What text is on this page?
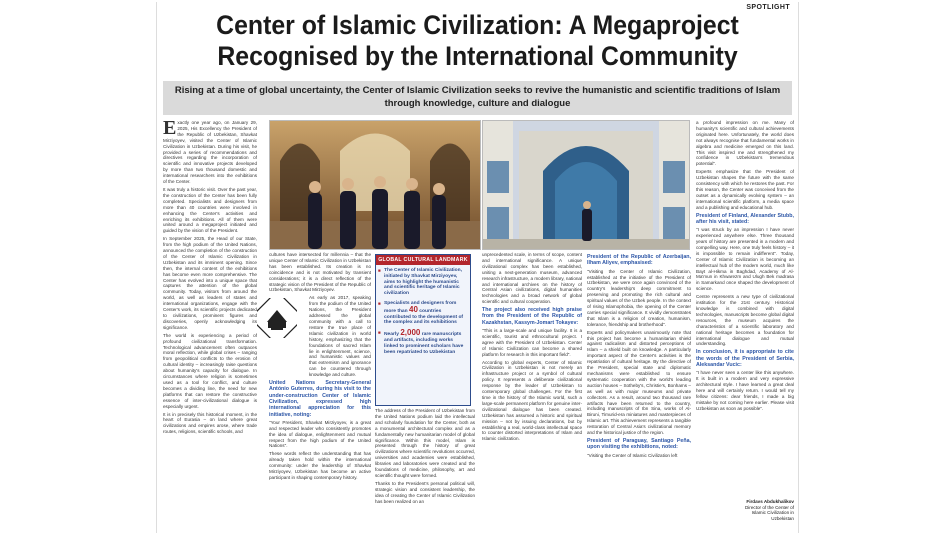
SPOTLIGHT
Center of Islamic Civilization: A Megaproject
Recognised by the International Community
Rising at a time of global uncertainty, the Center of Islamic Civilization seeks to revive the humanistic and scientific traditions of Islam through knowledge, culture and dialogue

Exactly one year ago, on January 29, 2025, His Excellency the President of the Republic of Uzbekistan, Shavkat Mirziyoyev, visited the Center of Islamic Civilization in Uzbekistan. During his visit, he provided a series of recommendations and directives regarding the incorporation of scientific and innovative projects developed by more than two thousand domestic and international researchers into the exhibitions of the Center.

It was truly a historic visit. Over the past year, the construction of the Center has been fully completed. Specialists and designers from more than 40 countries were involved in enhancing the Center's activities and enriching its exhibitions. All of them were united around a megaproject initiated and guided by the vision of the President.

In September 2025, the Head of our State, from the high podium of the United Nations, announced the completion of the construction of the Center of Islamic Civilization in Uzbekistan and its imminent opening. Since then, the internal content of the exhibitions has become even more comprehensive. The Center has evolved into a unique space that captures the attention of the global community. Today, visitors from around the world, as well as leaders of states and international organizations, engage with the Center's work, its scientific projects dedicated to civilizations, prominent figures and discoveries, openly acknowledging its significance.

The world is experiencing a period of profound civilizational transformation. Technological advancement often outpaces moral reflection, while global crises – ranging from geopolitical conflicts to the erosion of cultural identity – increasingly raise questions about humanity's capacity for dialogue. In circumstances where religion is sometimes used as a tool for conflict, and culture becomes a dividing line, the need for new platforms that can restore the constructive essence of inter-civilizational dialogue is especially urgent.

It is in precisely this historical moment, in the heart of Eurasia – on land where great civilizations and empires arose, where trade routes, religions, scientific schools, and

cultures have intersected for millennia – that the unique Center of Islamic Civilization in Uzbekistan has been established. Its creation is no coincidence and is not motivated by transient considerations; it is a direct reflection of the strategic vision of the President of the Republic of Uzbekistan, Shavkat Mirziyoyev.

As early as 2017, speaking from the podium of the United Nations, the President addressed the global community with a call to restore the true place of Islamic civilization in world history, emphasizing that the foundations of sacred Islam lie in enlightenment, science, and humanistic values and that extremism and ignorance can be countered through knowledge and culture.

United Nations Secretary-General António Guterres, during his visit to the under-construction Center of Islamic Civilization, expressed high international appreciation for this initiative, noting:

"Your President, Shavkat Mirziyoyev, is a great and respected leader who consistently promotes the idea of dialogue, enlightenment and mutual respect from the high podium of the United Nations".

These words reflect the understanding that has already taken hold within the international community: under the leadership of Shavkat Mirziyoyev, Uzbekistan has become an active participant in shaping contemporary history.

GLOBAL CULTURAL LANDMARK
■ The Center of Islamic Civilization, initiated by Shavkat Mirziyoyev, aims to highlight the humanistic and scientific heritage of Islamic civilization
■ Specialists and designers from more than 40 countries contributed to the development of the complex and its exhibitions
■ Nearly 2,000 rare manuscripts and artifacts, including works linked to prominent scholars have been repatriated to Uzbekistan

The address of the President of Uzbekistan from the United Nations podium laid the intellectual and scholarly foundation for the Center, both as a monumental architectural complex and as a fundamentally new humanitarian model of global significance. Within this model, Islam is presented through the history of great civilizations where scientific revolutions occurred, universities and academies were established, libraries and laboratories were created and the foundations of medicine, philosophy, art and scientific thought were formed.

Thanks to the President's personal political will, strategic vision and consistent leadership, the idea of creating the Center of Islamic Civilization has been realized on an

unprecedented scale, in terms of scope, content and international significance. A unique civilizational complex has been established, uniting a next-generation museum, advanced research infrastructure, a modern library, national and international archives on the history of Central Asian civilizations, digital humanities technologies and a broad network of global scientific and cultural cooperation.

The project also received high praise from the President of the Republic of Kazakhstan, Kassym-Jomart Tokayev:

"This is a large-scale and unique facility. It is a scientific, tourist and ethnocultural project. I agree with the President of Uzbekistan. Center of Islamic Civilization can become a shared platform for research in this important field".

According to global experts, Center of Islamic Civilization in Uzbekistan is not merely an infrastructure project or a symbol of cultural policy. It represents a deliberate civilizational response by the leader of Uzbekistan to contemporary global challenges. For the first time in the history of the Islamic world, such a large-scale permanent platform for genuine inter-civilizational dialogue has been created. Uzbekistan has assumed a historic and spiritual mission – not by issuing declarations, but by establishing a real, world-class intellectual space to counter distorted interpretations of Islam and Islamic civilization.

President of the Republic of Azerbaijan, Ilham Aliyev, emphasised:

"Visiting the Center of Islamic Civilization, established at the initiative of the President of Uzbekistan, we were once again convinced of the country's leadership's deep commitment to preserving and promoting the rich cultural and spiritual values of the Uzbek people. In the context of rising Islamophobia, the opening of the Center carries special significance. It vividly demonstrates that Islam is a religion of creation, humanism, tolerance, friendship and brotherhood".

Experts and policymakers unanimously note that this project has become a humanitarian shield against radicalism and distorted perceptions of Islam – a shield built on knowledge. A particularly important aspect of the Center's activities is the repatriation of cultural heritage. By the directive of the President, special state and diplomatic mechanisms were established to ensure systematic cooperation with the world's leading auction houses – Sotheby's, Christie's, Bonhams – as well as with major museums and private collectors. As a result, around two thousand rare artifacts have been returned to the country, including manuscripts of Ibn Sina, works of Al-Biruni, Timurid-era miniatures and masterpieces of Islamic art. This achievement represents a tangible restoration of Central Asia's civilizational memory and the historical justice of the region.

President of Paraguay, Santiago Peña, upon visiting the exhibitions, noted:

"Visiting the Center of Islamic Civilization left

a profound impression on me. Many of humanity's scientific and cultural achievements originated here. Unfortunately, the world does not always recognise that fundamental works in algebra and medicine emerged on this land. This visit inspired me and strengthened my confidence in Uzbekistan's tremendous potential".

Experts emphasize that the President of Uzbekistan shapes the future with the same consistency with which he restores the past. For this reason, the Center was conceived from the outset as a dynamically evolving system – an international scientific platform, a media space and a publishing and educational hub.

President of Finland, Alexander Stubb, after his visit, stated:

"I was struck by an impression I have never experienced anywhere else. Three thousand years of history are presented in a modern and compelling way. Here, one truly feels history – it is impossible to remain indifferent". Today, Center of Islamic Civilization is becoming an intellectual hub of the modern world, much like Bayt al-Hikma in Baghdad, Academy of Al-Ma'mun in Khwarezm and Ulugh Bek madrasa in Samarkand once shaped the development of science.

Centre represents a new type of civilizational institution for the 21st century. Historical knowledge is combined with digital technologies, manuscripts become global digital resources, the museum acquires the characteristics of a scientific laboratory and national heritage becomes a foundation for international dialogue and mutual understanding.

In conclusion, it is appropriate to cite the words of the President of Serbia, Aleksandar Vucic:

"I have never seen a center like this anywhere. It is built in a modern and very expressive architectural style. I have learned a great deal here and will certainly return. I would tell my fellow citizens: dear friends, I made a big mistake by not coming here earlier. Please visit Uzbekistan as soon as possible".

Firdavs Abdukhalikov
Director of the Center of Islamic Civilization in Uzbekistan
